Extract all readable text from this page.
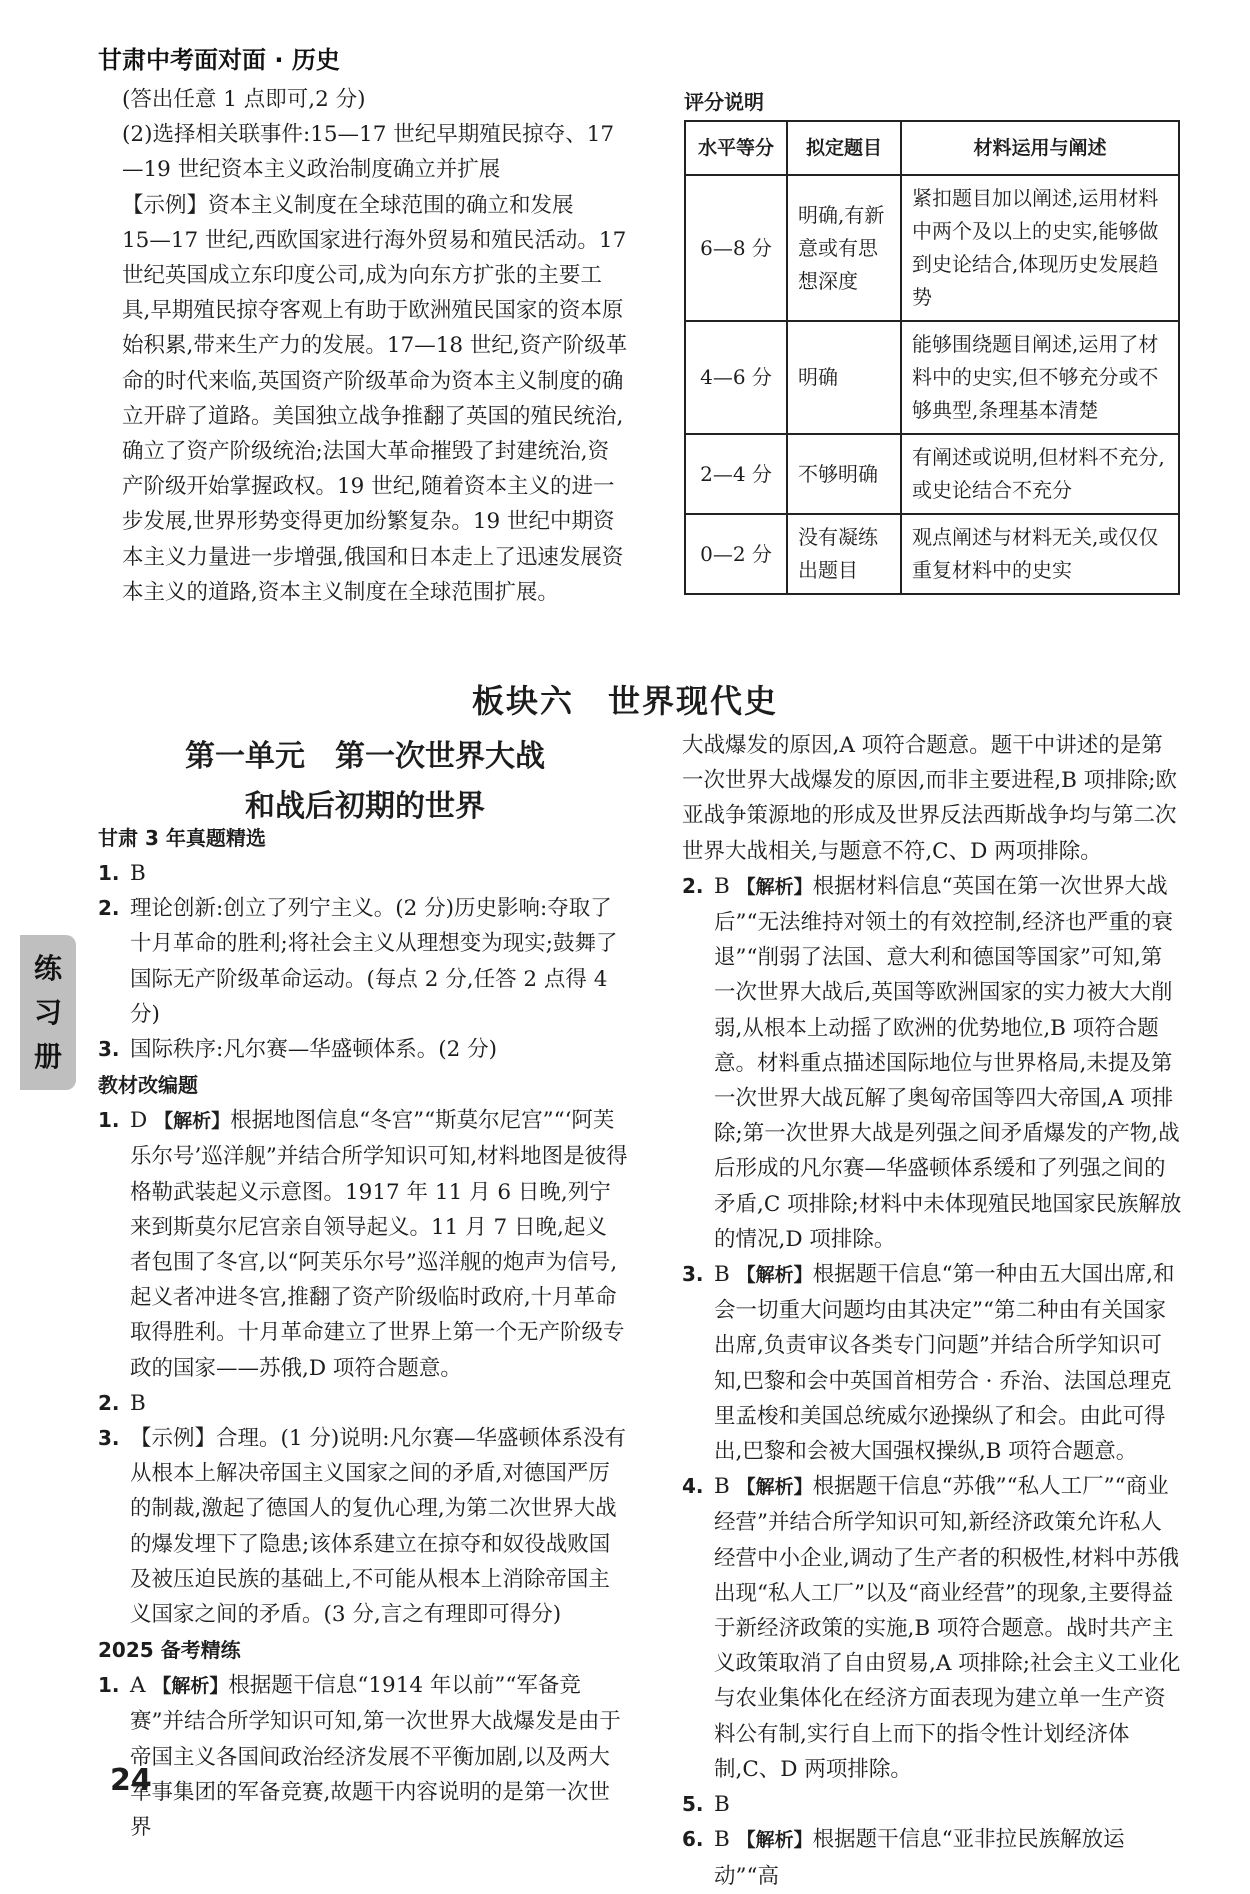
甘肃中考面对面 · 历史

(答出任意 1 点即可,2 分)

(2)选择相关联事件:15—17 世纪早期殖民掠夺、17—19 世纪资本主义政治制度确立并扩展

【示例】资本主义制度在全球范围的确立和发展

15—17 世纪,西欧国家进行海外贸易和殖民活动。17 世纪英国成立东印度公司,成为向东方扩张的主要工具,早期殖民掠夺客观上有助于欧洲殖民国家的资本原始积累,带来生产力的发展。17—18 世纪,资产阶级革命的时代来临,英国资产阶级革命为资本主义制度的确立开辟了道路。美国独立战争推翻了英国的殖民统治,确立了资产阶级统治;法国大革命摧毁了封建统治,资产阶级开始掌握政权。19 世纪,随着资本主义的进一步发展,世界形势变得更加纷繁复杂。19 世纪中期资本主义力量进一步增强,俄国和日本走上了迅速发展资本主义的道路,资本主义制度在全球范围扩展。

评分说明
水平等分	拟定题目	材料运用与阐述
6—8 分	明确,有新意或有思想深度	紧扣题目加以阐述,运用材料中两个及以上的史实,能够做到史论结合,体现历史发展趋势
4—6 分	明确	能够围绕题目阐述,运用了材料中的史实,但不够充分或不够典型,条理基本清楚
2—4 分	不够明确	有阐述或说明,但材料不充分,或史论结合不充分
0—2 分	没有凝练出题目	观点阐述与材料无关,或仅仅重复材料中的史实
板块六　世界现代史
第一单元　第一次世界大战
和战后初期的世界
练
习
册
甘肃 3 年真题精选
1. B
2. 理论创新:创立了列宁主义。(2 分)历史影响:夺取了十月革命的胜利;将社会主义从理想变为现实;鼓舞了国际无产阶级革命运动。(每点 2 分,任答 2 点得 4 分)
3. 国际秩序:凡尔赛—华盛顿体系。(2 分)
教材改编题
1. D 【解析】根据地图信息“冬宫”“斯莫尔尼宫”“‘阿芙乐尔号’巡洋舰”并结合所学知识可知,材料地图是彼得格勒武装起义示意图。1917 年 11 月 6 日晚,列宁来到斯莫尔尼宫亲自领导起义。11 月 7 日晚,起义者包围了冬宫,以“阿芙乐尔号”巡洋舰的炮声为信号,起义者冲进冬宫,推翻了资产阶级临时政府,十月革命取得胜利。十月革命建立了世界上第一个无产阶级专政的国家——苏俄,D 项符合题意。
2. B
3. 【示例】合理。(1 分)说明:凡尔赛—华盛顿体系没有从根本上解决帝国主义国家之间的矛盾,对德国严厉的制裁,激起了德国人的复仇心理,为第二次世界大战的爆发埋下了隐患;该体系建立在掠夺和奴役战败国及被压迫民族的基础上,不可能从根本上消除帝国主义国家之间的矛盾。(3 分,言之有理即可得分)
2025 备考精练
1. A 【解析】根据题干信息“1914 年以前”“军备竞赛”并结合所学知识可知,第一次世界大战爆发是由于帝国主义各国间政治经济发展不平衡加剧,以及两大军事集团的军备竞赛,故题干内容说明的是第一次世界

大战爆发的原因,A 项符合题意。题干中讲述的是第一次世界大战爆发的原因,而非主要进程,B 项排除;欧亚战争策源地的形成及世界反法西斯战争均与第二次世界大战相关,与题意不符,C、D 两项排除。

2. B 【解析】根据材料信息“英国在第一次世界大战后”“无法维持对领土的有效控制,经济也严重的衰退”“削弱了法国、意大利和德国等国家”可知,第一次世界大战后,英国等欧洲国家的实力被大大削弱,从根本上动摇了欧洲的优势地位,B 项符合题意。材料重点描述国际地位与世界格局,未提及第一次世界大战瓦解了奥匈帝国等四大帝国,A 项排除;第一次世界大战是列强之间矛盾爆发的产物,战后形成的凡尔赛—华盛顿体系缓和了列强之间的矛盾,C 项排除;材料中未体现殖民地国家民族解放的情况,D 项排除。
3. B 【解析】根据题干信息“第一种由五大国出席,和会一切重大问题均由其决定”“第二种由有关国家出席,负责审议各类专门问题”并结合所学知识可知,巴黎和会中英国首相劳合 · 乔治、法国总理克里孟梭和美国总统威尔逊操纵了和会。由此可得出,巴黎和会被大国强权操纵,B 项符合题意。
4. B 【解析】根据题干信息“苏俄”“私人工厂”“商业经营”并结合所学知识可知,新经济政策允许私人经营中小企业,调动了生产者的积极性,材料中苏俄出现“私人工厂”以及“商业经营”的现象,主要得益于新经济政策的实施,B 项符合题意。战时共产主义政策取消了自由贸易,A 项排除;社会主义工业化与农业集体化在经济方面表现为建立单一生产资料公有制,实行自上而下的指令性计划经济体制,C、D 两项排除。
5. B
6. B 【解析】根据题干信息“亚非拉民族解放运动”“高
24
